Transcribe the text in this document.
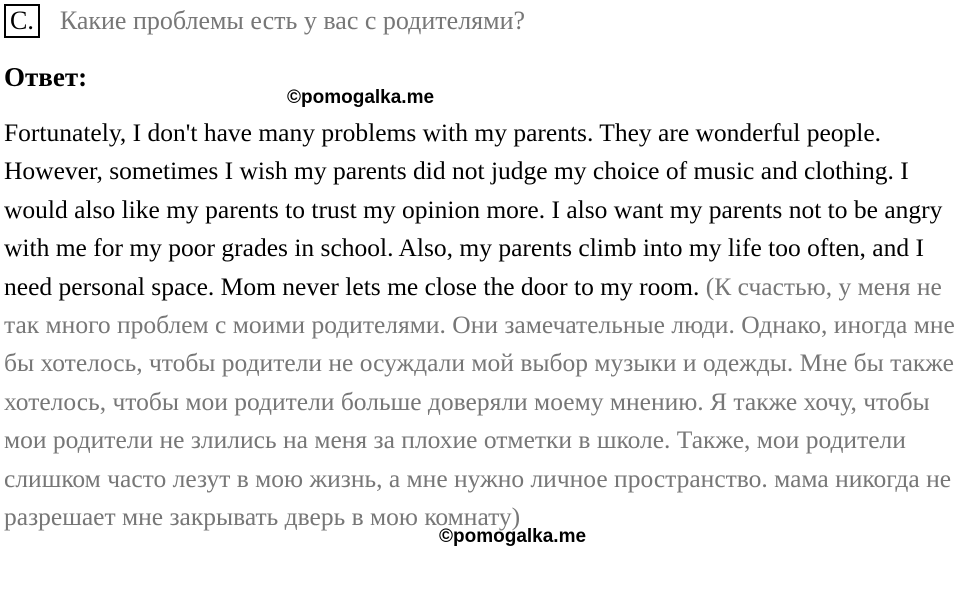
C. Какие проблемы есть у вас с родителями?
Ответ:
©pomogalka.me
Fortunately, I don't have many problems with my parents. They are wonderful people. However, sometimes I wish my parents did not judge my choice of music and clothing. I would also like my parents to trust my opinion more. I also want my parents not to be angry with me for my poor grades in school. Also, my parents climb into my life too often, and I need personal space. Mom never lets me close the door to my room. (К счастью, у меня не так много проблем с моими родителями. Они замечательные люди. Однако, иногда мне бы хотелось, чтобы родители не осуждали мой выбор музыки и одежды. Мне бы также хотелось, чтобы мои родители больше доверяли моему мнению. Я также хочу, чтобы мои родители не злились на меня за плохие отметки в школе. Также, мои родители слишком часто лезут в мою жизнь, а мне нужно личное пространство. мама никогда не разрешает мне закрывать дверь в мою комнату)
©pomogalka.me
